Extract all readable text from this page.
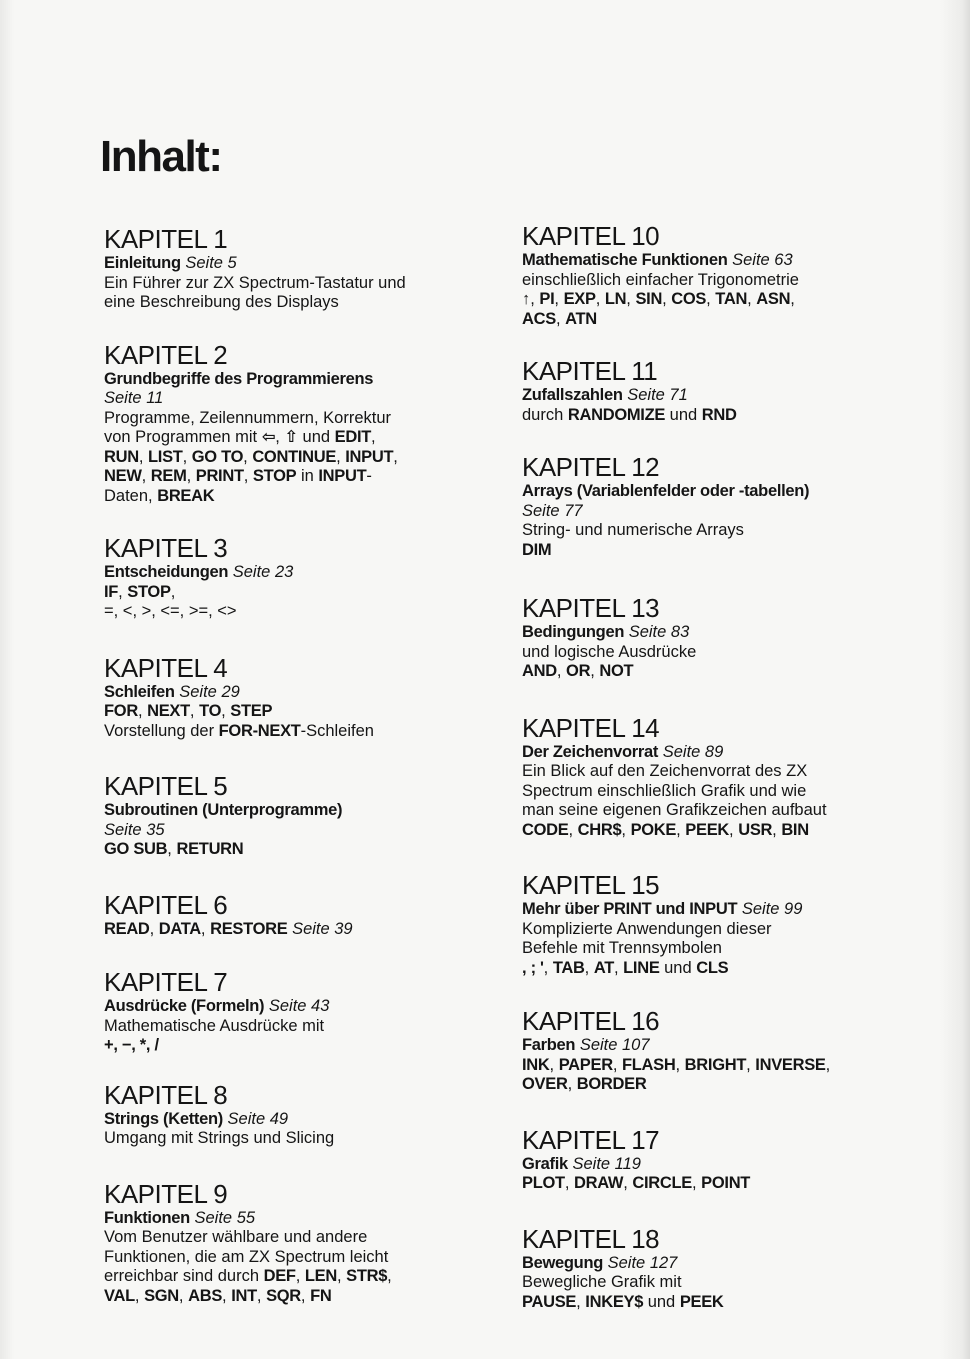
Inhalt:
KAPITEL 1
Einleitung Seite 5
Ein Führer zur ZX Spectrum-Tastatur und
eine Beschreibung des Displays
KAPITEL 2
Grundbegriffe des Programmierens
Seite 11
Programme, Zeilennummern, Korrektur
von Programmen mit ⇦, ⇧ und EDIT,
RUN, LIST, GO TO, CONTINUE, INPUT,
NEW, REM, PRINT, STOP in INPUT-
Daten, BREAK
KAPITEL 3
Entscheidungen Seite 23
IF, STOP,
=, <, >, <=, >=, <>
KAPITEL 4
Schleifen Seite 29
FOR, NEXT, TO, STEP
Vorstellung der FOR-NEXT-Schleifen
KAPITEL 5
Subroutinen (Unterprogramme)
Seite 35
GO SUB, RETURN
KAPITEL 6
READ, DATA, RESTORE Seite 39
KAPITEL 7
Ausdrücke (Formeln) Seite 43
Mathematische Ausdrücke mit
+, −, *, /
KAPITEL 8
Strings (Ketten) Seite 49
Umgang mit Strings und Slicing
KAPITEL 9
Funktionen Seite 55
Vom Benutzer wählbare und andere
Funktionen, die am ZX Spectrum leicht
erreichbar sind durch DEF, LEN, STR$,
VAL, SGN, ABS, INT, SQR, FN
KAPITEL 10
Mathematische Funktionen Seite 63
einschließlich einfacher Trigonometrie
↑, PI, EXP, LN, SIN, COS, TAN, ASN,
ACS, ATN
KAPITEL 11
Zufallszahlen Seite 71
durch RANDOMIZE und RND
KAPITEL 12
Arrays (Variablenfelder oder -tabellen)
Seite 77
String- und numerische Arrays
DIM
KAPITEL 13
Bedingungen Seite 83
und logische Ausdrücke
AND, OR, NOT
KAPITEL 14
Der Zeichenvorrat Seite 89
Ein Blick auf den Zeichenvorrat des ZX
Spectrum einschließlich Grafik und wie
man seine eigenen Grafikzeichen aufbaut
CODE, CHR$, POKE, PEEK, USR, BIN
KAPITEL 15
Mehr über PRINT und INPUT Seite 99
Komplizierte Anwendungen dieser
Befehle mit Trennsymbolen
, ; ', TAB, AT, LINE und CLS
KAPITEL 16
Farben Seite 107
INK, PAPER, FLASH, BRIGHT, INVERSE,
OVER, BORDER
KAPITEL 17
Grafik Seite 119
PLOT, DRAW, CIRCLE, POINT
KAPITEL 18
Bewegung Seite 127
Bewegliche Grafik mit
PAUSE, INKEY$ und PEEK
